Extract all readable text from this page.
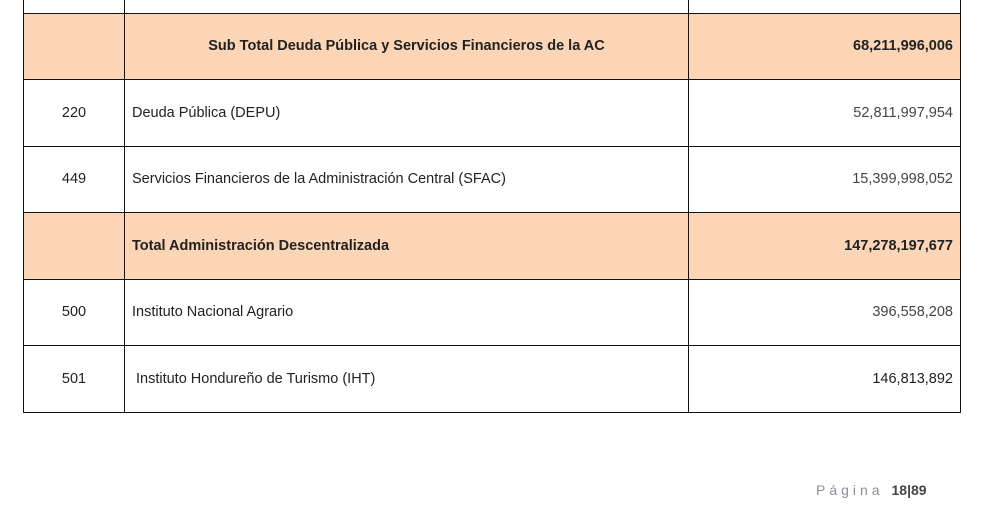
	Sub Total Deuda Pública y Servicios Financieros de la AC	68,211,996,006
220	Deuda Pública (DEPU)	52,811,997,954
449	Servicios Financieros de la Administración Central (SFAC)	15,399,998,052
	Total Administración Descentralizada	147,278,197,677
500	Instituto Nacional Agrario	396,558,208
501	Instituto Hondureño de Turismo (IHT)	146,813,892
Página 18|89
